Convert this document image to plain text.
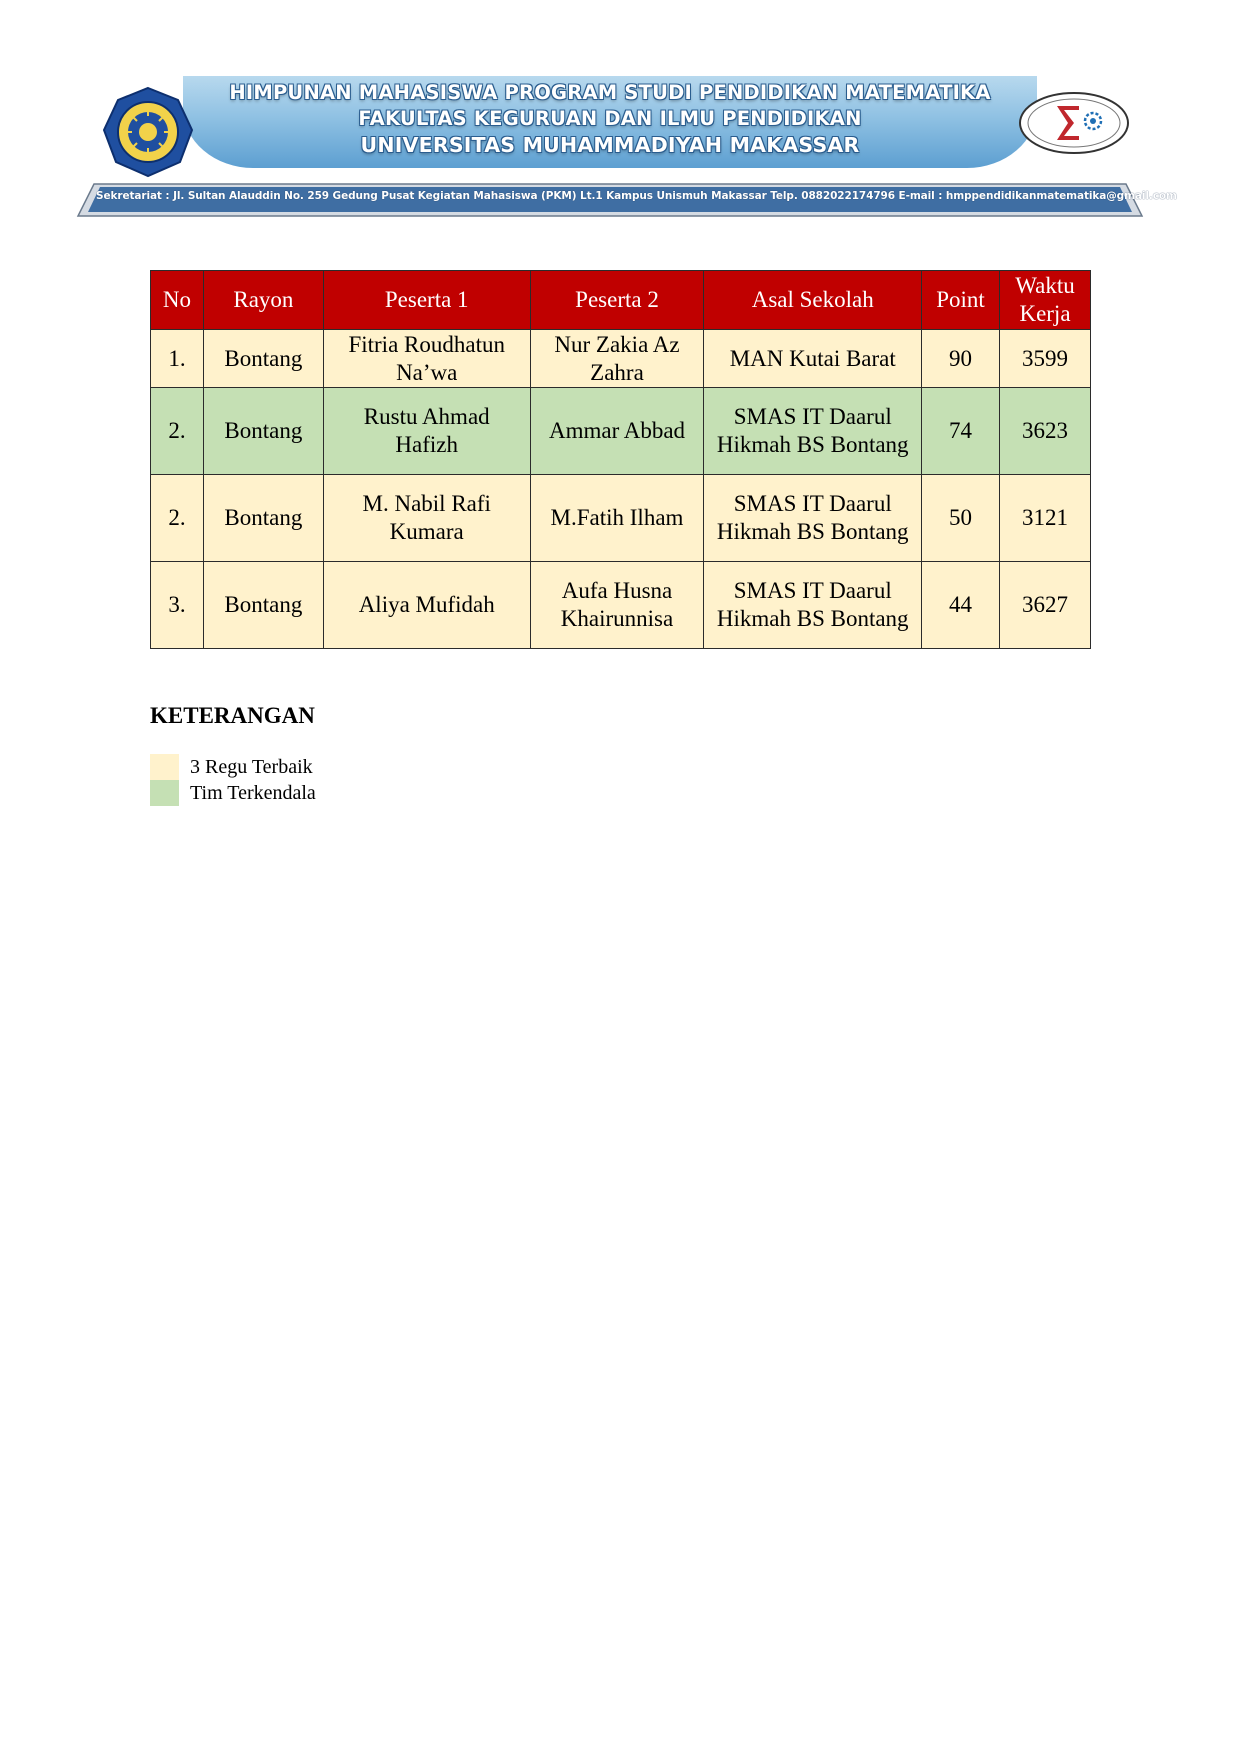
HIMPUNAN MAHASISWA PROGRAM STUDI PENDIDIKAN MATEMATIKA
FAKULTAS KEGURUAN DAN ILMU PENDIDIKAN
UNIVERSITAS MUHAMMADIYAH MAKASSAR
Sekretariat : Jl. Sultan Alauddin No. 259 Gedung Pusat Kegiatan Mahasiswa (PKM) Lt.1 Kampus Unismuh Makassar Telp. 0882022174796 E-mail : hmppendidikanmatematika@gmail.com
No	Rayon	Peserta 1	Peserta 2	Asal Sekolah	Point	Waktu Kerja
1.	Bontang	Fitria Roudhatun Na’wa	Nur Zakia Az Zahra	MAN Kutai Barat	90	3599
2.	Bontang	Rustu Ahmad Hafizh	Ammar Abbad	SMAS IT Daarul Hikmah BS Bontang	74	3623
2.	Bontang	M. Nabil Rafi Kumara	M.Fatih Ilham	SMAS IT Daarul Hikmah BS Bontang	50	3121
3.	Bontang	Aliya Mufidah	Aufa Husna Khairunnisa	SMAS IT Daarul Hikmah BS Bontang	44	3627
KETERANGAN
3 Regu Terbaik
Tim Terkendala
